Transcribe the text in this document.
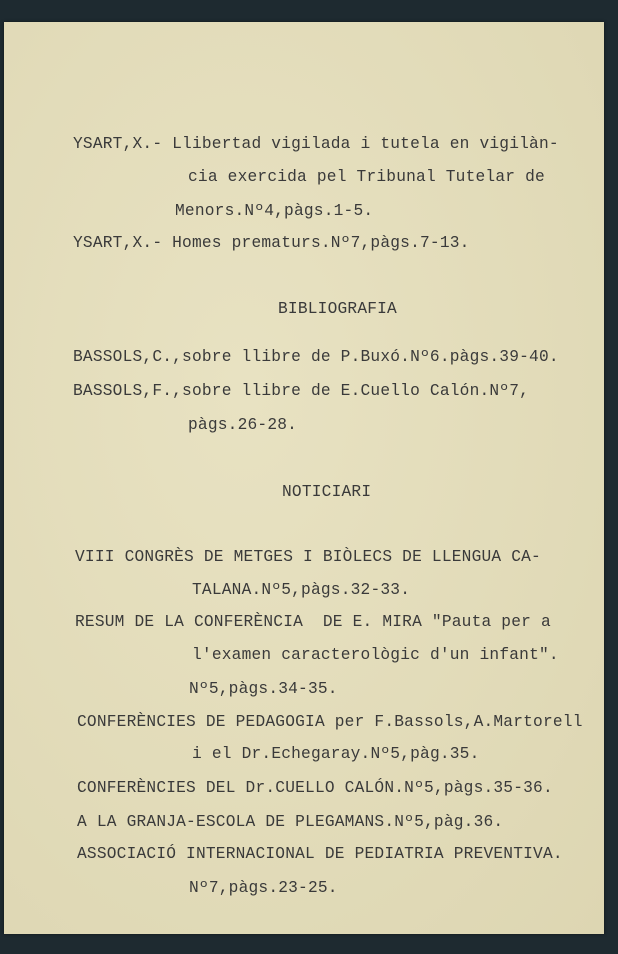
YSART,X.- Llibertad vigilada i tutela en vigilàn-
cia exercida pel Tribunal Tutelar de
Menors.Nº4,pàgs.1-5.
YSART,X.- Homes prematurs.Nº7,pàgs.7-13.
BIBLIOGRAFIA
BASSOLS,C.,sobre llibre de P.Buxó.Nº6.pàgs.39-40.
BASSOLS,F.,sobre llibre de E.Cuello Calón.Nº7,
pàgs.26-28.
NOTICIARI
VIII CONGRÈS DE METGES I BIÒLECS DE LLENGUA CA-
TALANA.Nº5,pàgs.32-33.
RESUM DE LA CONFERÈNCIA  DE E. MIRA "Pauta per a
l'examen caracterològic d'un infant".
Nº5,pàgs.34-35.
CONFERÈNCIES DE PEDAGOGIA per F.Bassols,A.Martorell
i el Dr.Echegaray.Nº5,pàg.35.
CONFERÈNCIES DEL Dr.CUELLO CALÓN.Nº5,pàgs.35-36.
A LA GRANJA-ESCOLA DE PLEGAMANS.Nº5,pàg.36.
ASSOCIACIÓ INTERNACIONAL DE PEDIATRIA PREVENTIVA.
Nº7,pàgs.23-25.
